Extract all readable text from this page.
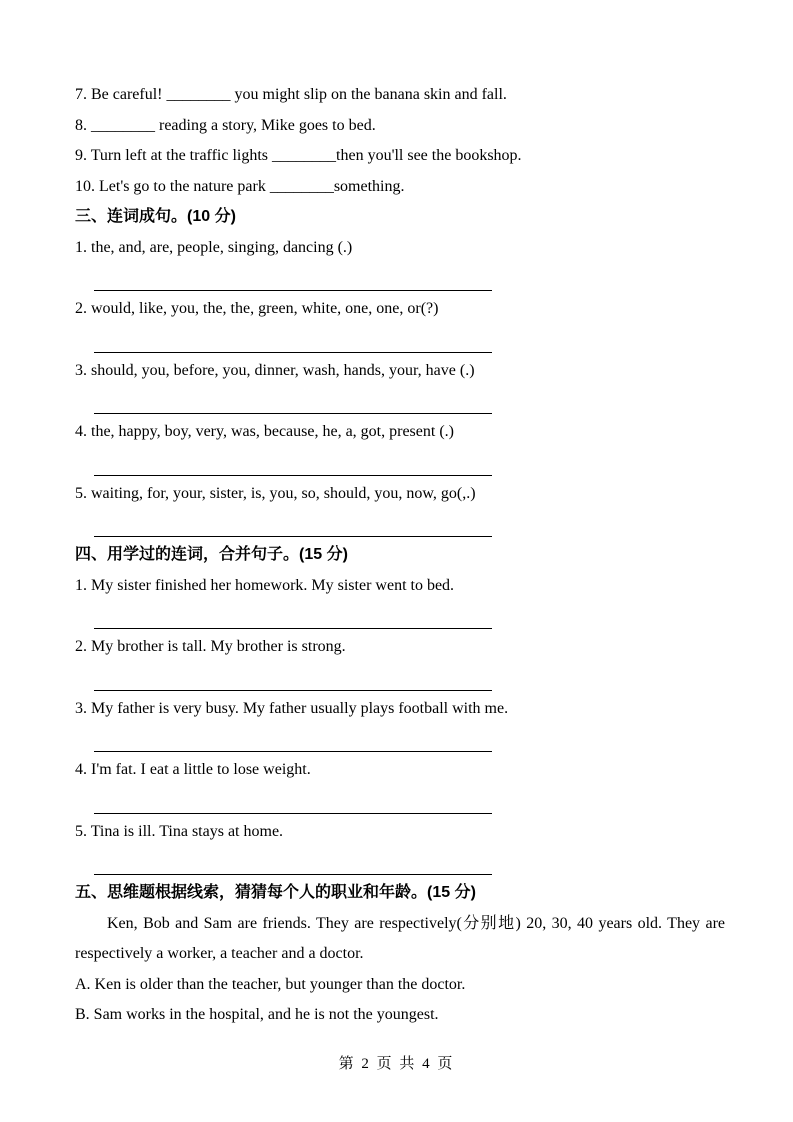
7. Be careful! ________ you might slip on the banana skin and fall.

8. ________ reading a story, Mike goes to bed.

9. Turn left at the traffic lights ________then you'll see the bookshop.

10. Let's go to the nature park ________something.

三、连词成句。(10 分)

1. the, and, are, people, singing, dancing (.)

2. would, like, you, the, the, green, white, one, one, or(?)

3. should, you, before, you, dinner, wash, hands, your, have (.)

4. the, happy, boy, very, was, because, he, a, got, present (.)

5. waiting, for, your, sister, is, you, so, should, you, now, go(,.)

四、用学过的连词，合并句子。(15 分)

1. My sister finished her homework. My sister went to bed.

2. My brother is tall. My brother is strong.

3. My father is very busy. My father usually plays football with me.

4. I'm fat. I eat a little to lose weight.

5. Tina is ill. Tina stays at home.

五、思维题根据线索，猜猜每个人的职业和年龄。(15 分)

Ken, Bob and Sam are friends. They are respectively(分别地) 20, 30, 40 years old. They are respectively a worker, a teacher and a doctor.

A. Ken is older than the teacher, but younger than the doctor.

B. Sam works in the hospital, and he is not the youngest.

第 2 页 共 4 页
